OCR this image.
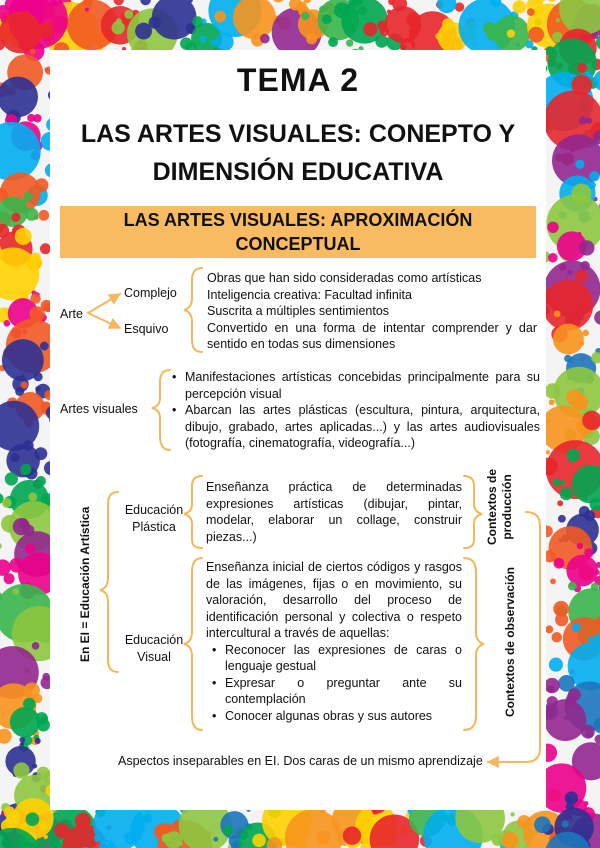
TEMA 2
LAS ARTES VISUALES: CONEPTO Y
DIMENSIÓN EDUCATIVA
LAS ARTES VISUALES: APROXIMACIÓN
CONCEPTUAL
Arte
Complejo
Esquivo
Obras que han sido consideradas como artísticas
Inteligencia creativa: Facultad infinita
Suscrita a múltiples sentimientos
Convertido en una forma de intentar comprender y dar sentido en todas sus dimensiones
Artes visuales
• Manifestaciones artísticas concebidas principalmente para su percepción visual
• Abarcan las artes plásticas (escultura, pintura, arquitectura, dibujo, grabado, artes aplicadas...) y las artes audiovisuales (fotografía, cinematografía, videografía...)
En EI = Educación Artística	Educación
Plástica
Enseñanza práctica de determinadas expresiones artísticas (dibujar, pintar, modelar, elaborar un collage, construir piezas...)
Educación
Visual
Enseñanza inicial de ciertos códigos y rasgos de las imágenes, fijas o en movimiento, su valoración, desarrollo del proceso de identificación personal y colectiva o respeto intercultural a través de aquellas:
• Reconocer las expresiones de caras o lenguaje gestual
• Expresar o preguntar ante su contemplación
• Conocer algunas obras y sus autores
Contextos de producción
Contextos de observación
Aspectos inseparables en EI. Dos caras de un mismo aprendizaje
